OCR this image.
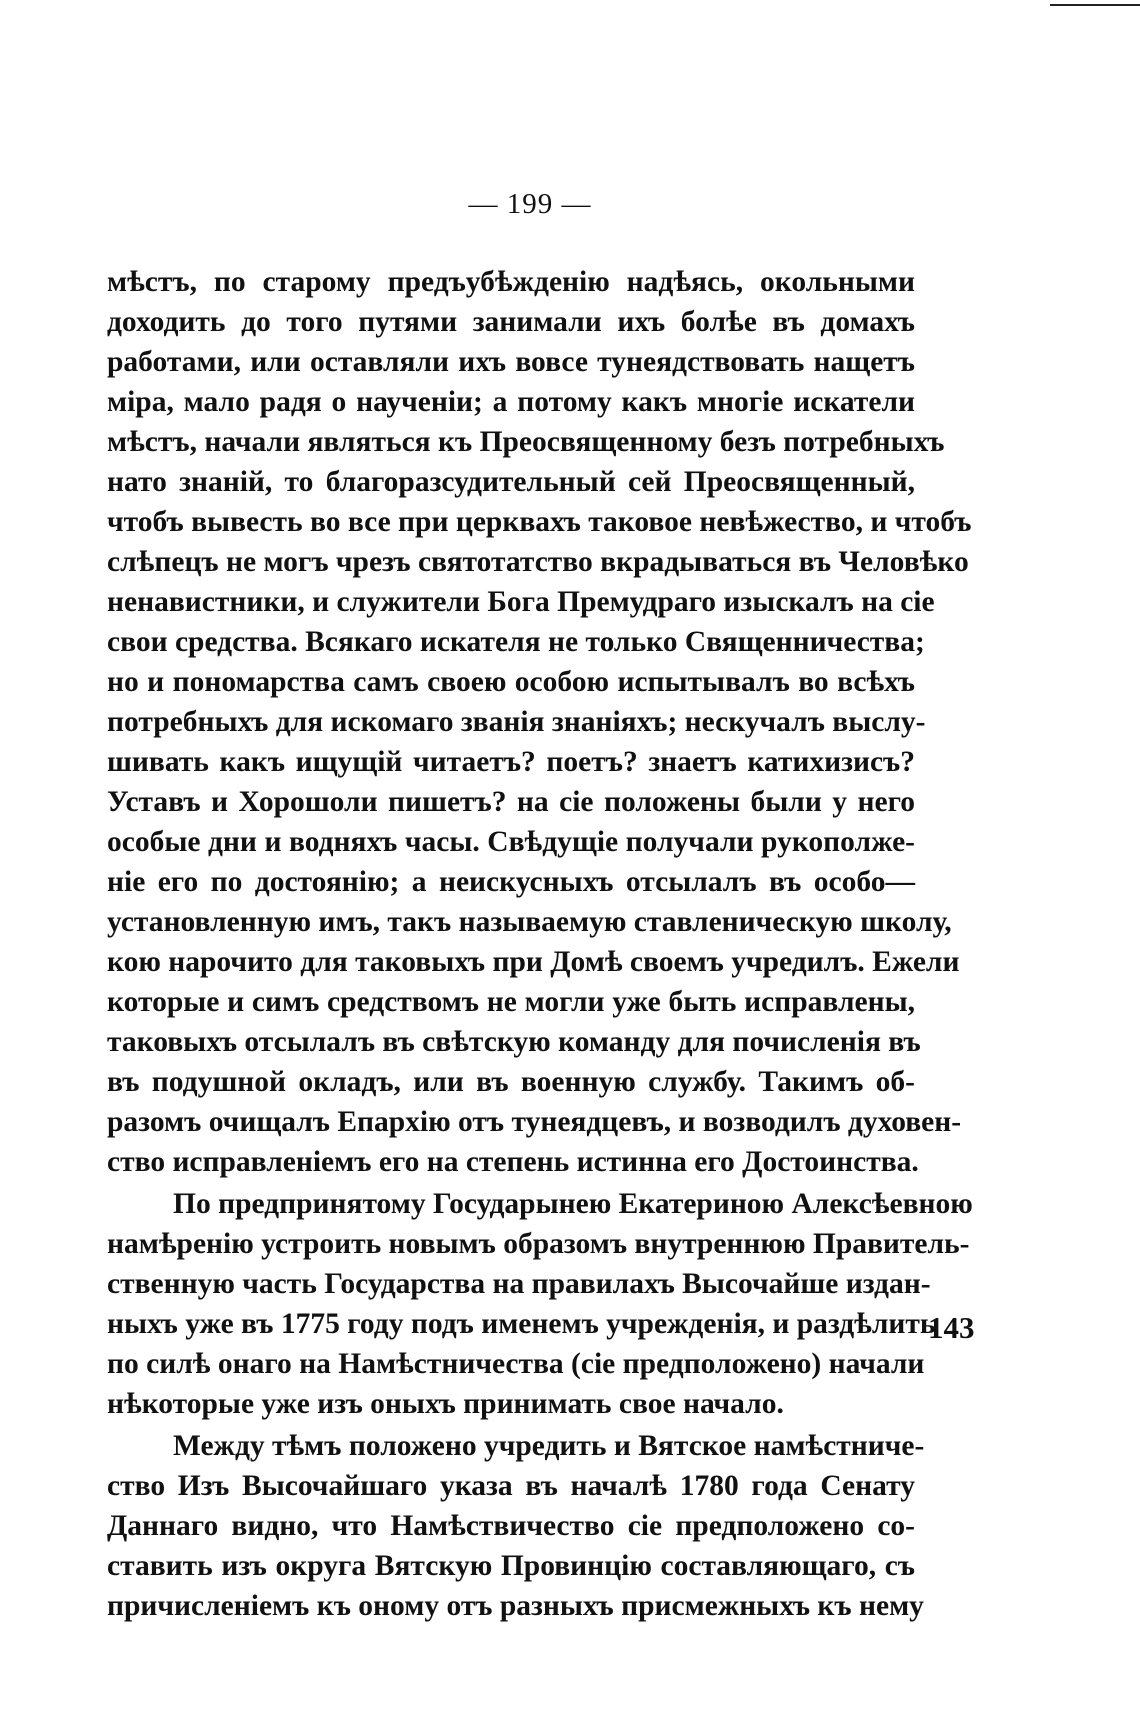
— 199 —
мѣстъ, по старому предъубѣжденію надѣясь, окольными
доходить до того путями занимали ихъ болѣе въ домахъ
работами, или оставляли ихъ вовсе тунеядствовать нащетъ
міра, мало радя о наученіи; а потому какъ многіе искатели
мѣстъ, начали являться къ Преосвященному безъ потребныхъ
нато знаній, то благоразсудительный сей Преосвященный,
чтобъ вывесть во все при церквахъ таковое невѣжество, и чтобъ
слѣпецъ не могъ чрезъ святотатство вкрадываться въ Человѣко
ненавистники, и служители Бога Премудраго изыскалъ на сіе
свои средства. Всякаго искателя не только Священничества;
но и пономарства самъ своею особою испытывалъ во всѣхъ
потребныхъ для искомаго званія знаніяхъ; нескучалъ выслу-
шивать какъ ищущій читаетъ? поетъ? знаетъ катихизисъ?
Уставъ и Хорошоли пишетъ? на сіе положены были у него
особые дни и водняхъ часы. Свѣдущіе получали рукополже-
ніе его по достоянію; а неискусныхъ отсылалъ въ особо—
установленную имъ, такъ называемую ставленическую школу,
кою нарочито для таковыхъ при Домѣ своемъ учредилъ. Ежели
которые и симъ средствомъ не могли уже быть исправлены,
таковыхъ отсылалъ въ свѣтскую команду для почисленія въ
въ подушной окладъ, или въ военную службу. Такимъ об-
разомъ очищалъ Епархію отъ тунеядцевъ, и возводилъ духовен-
ство исправленіемъ его на степень истинна его Достоинства.
По предпринятому Государынею Екатериною Алексѣевною
намѣренію устроить новымъ образомъ внутреннюю Правитель-
ственную часть Государства на правилахъ Высочайше издан-
ныхъ уже въ 1775 году подъ именемъ учрежденія, и раздѣлить
по силѣ онаго на Намѣстничества (сіе предположено) начали
нѣкоторые уже изъ оныхъ принимать свое начало.
Между тѣмъ положено учредить и Вятское намѣстниче-
ство Изъ Высочайшаго указа въ началѣ 1780 года Сенату
Даннаго видно, что Намѣствичество сіе предположено со-
ставить изъ округа Вятскую Провинцію составляющаго, съ
причисленіемъ къ оному отъ разныхъ присмежныхъ къ нему
143
